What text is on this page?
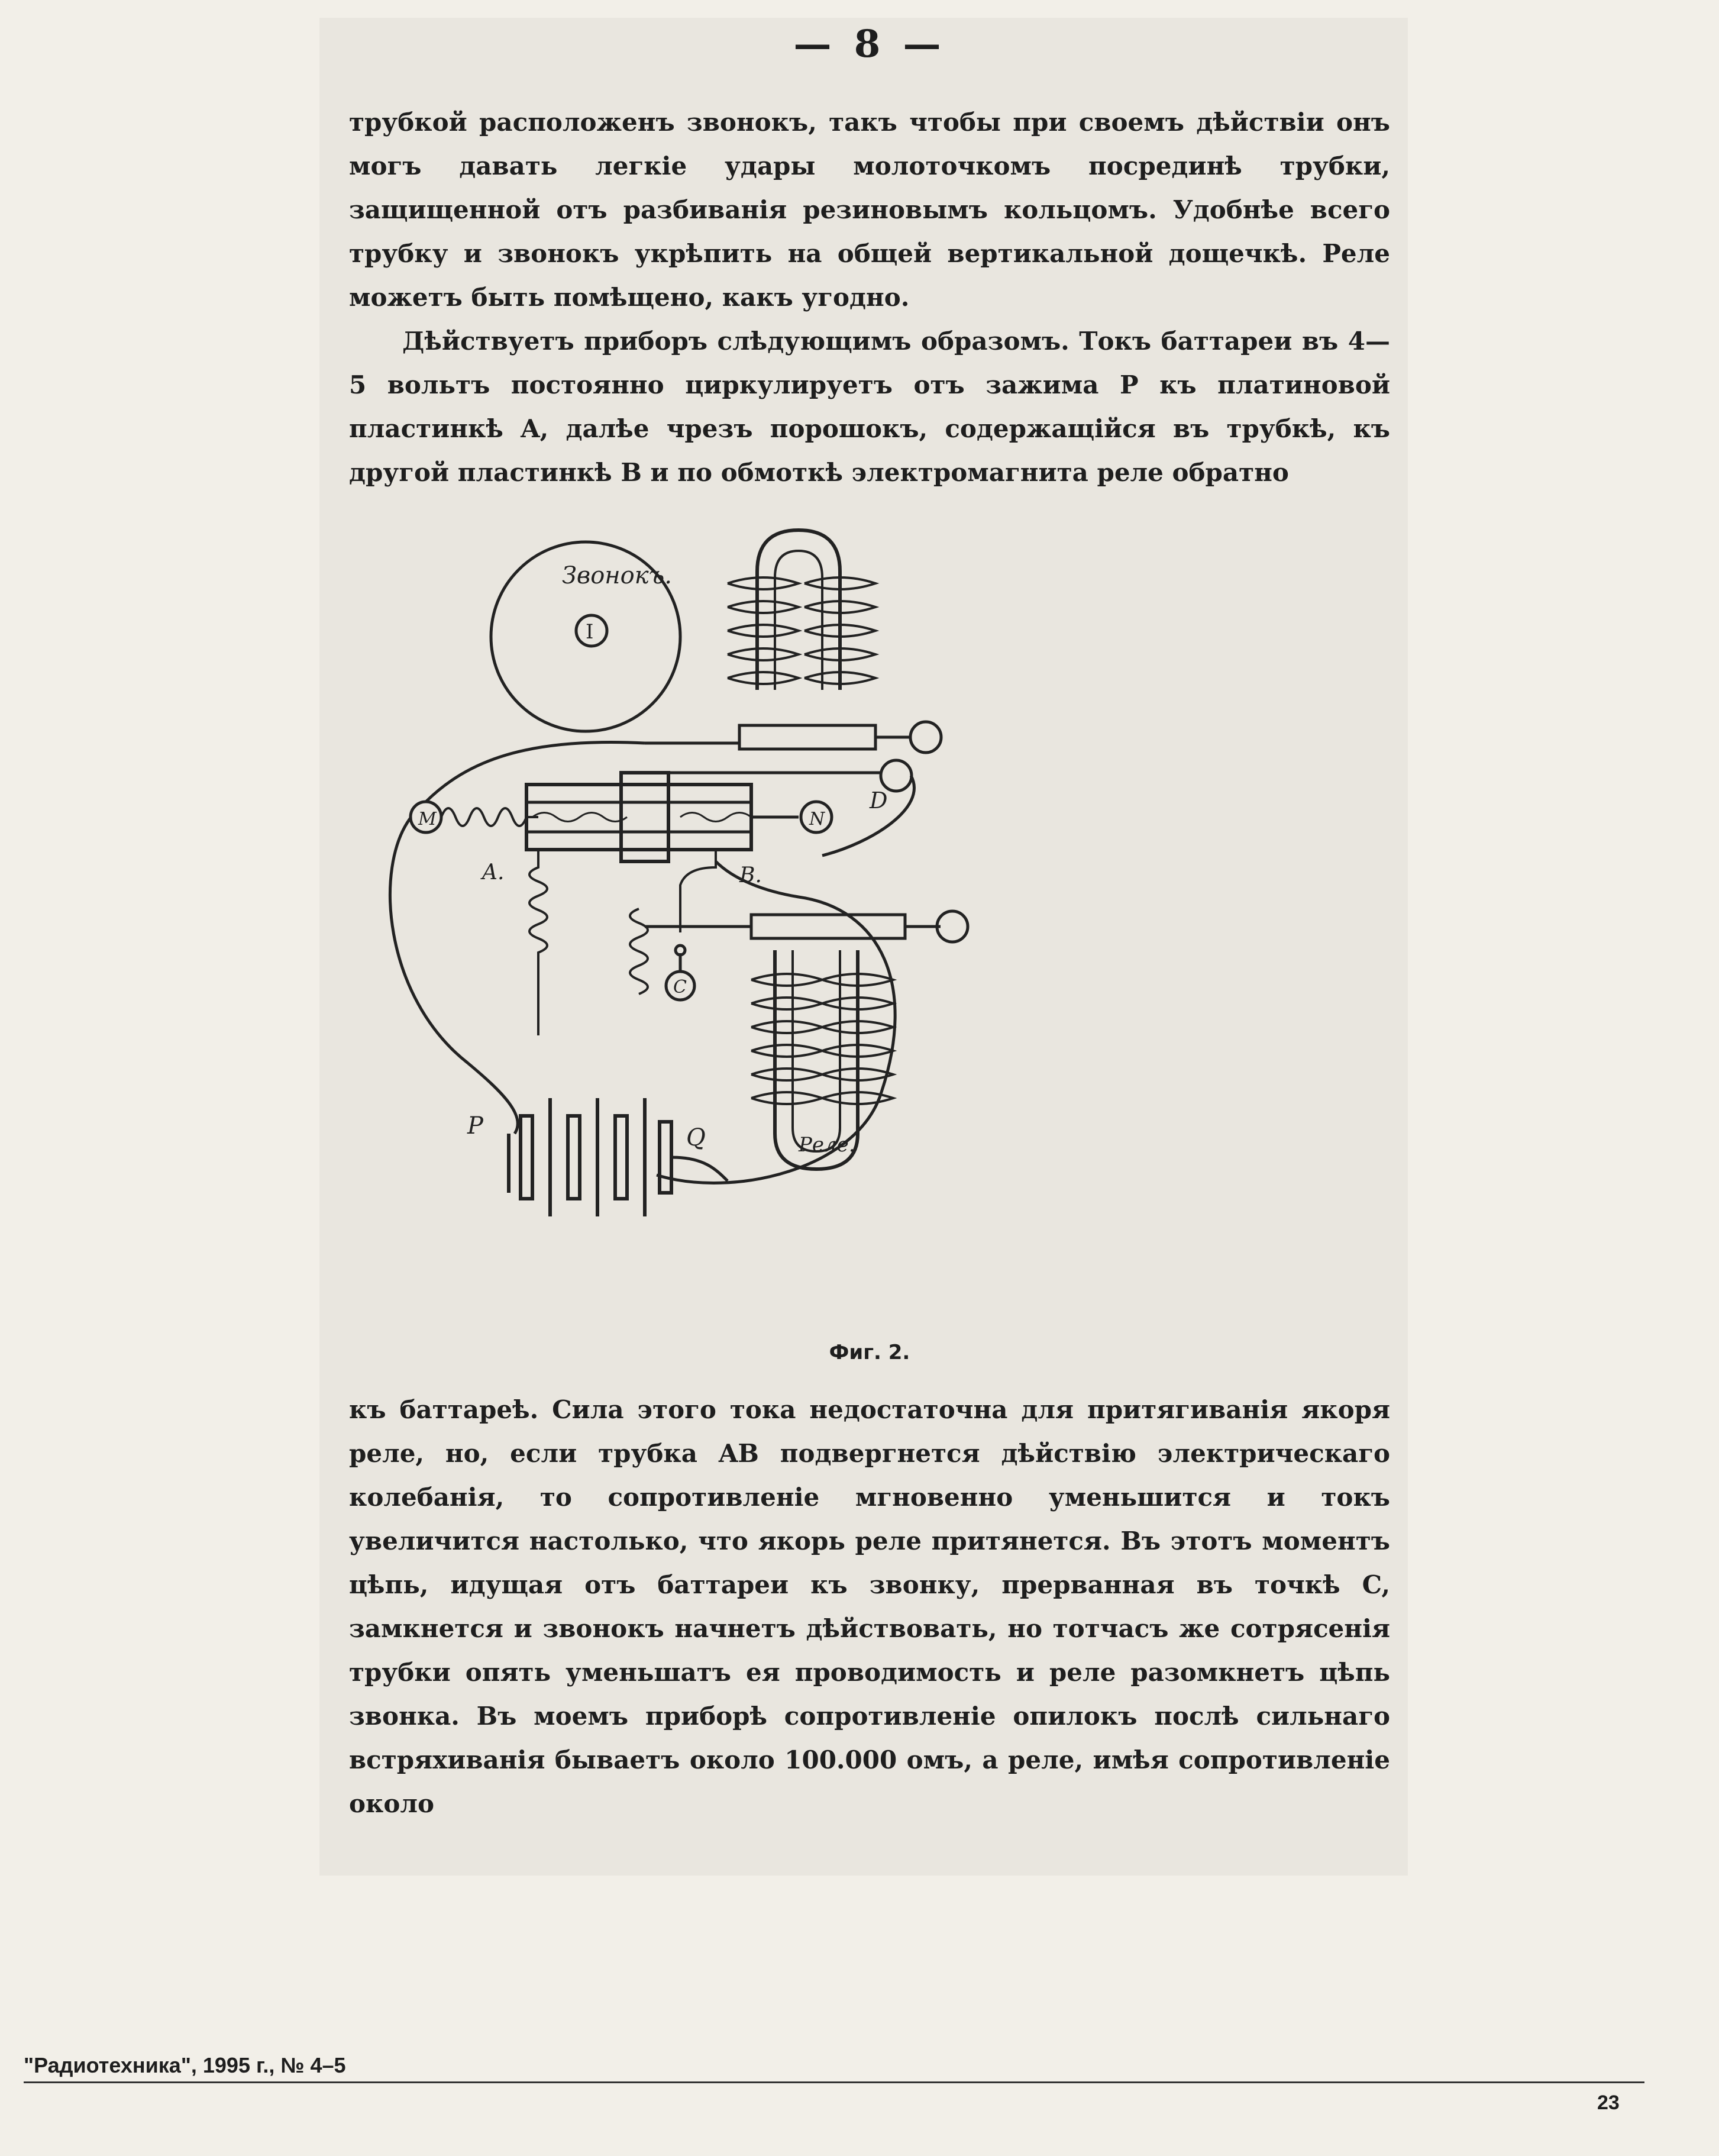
— 8 —

трубкой расположенъ звонокъ, такъ чтобы при своемъ дѣйствіи онъ могъ давать легкіе удары молоточкомъ посрединѣ трубки, защищенной отъ разбиванія резиновымъ кольцомъ. Удобнѣе всего трубку и звонокъ укрѣпить на общей вертикальной дощечкѣ. Реле можетъ быть помѣщено, какъ угодно.

Дѣйствуетъ приборъ слѣдующимъ образомъ. Токъ баттареи въ 4—5 вольтъ постоянно циркулируетъ отъ зажима P къ платиновой пластинкѣ A, далѣе чрезъ порошокъ, содержащійся въ трубкѣ, къ другой пластинкѣ B и по обмоткѣ электромагнита реле обратно

Звонокъ.
I
M	N
D
A.	B.
C
Реле.
P	Q
Фиг. 2.

къ баттареѣ. Сила этого тока недостаточна для притягиванія якоря реле, но, если трубка AB подвергнется дѣйствію электрическаго колебанія, то сопротивленіе мгновенно уменьшится и токъ увеличится настолько, что якорь реле притянется. Въ этотъ моментъ цѣпь, идущая отъ баттареи къ звонку, прерванная въ точкѣ C, замкнется и звонокъ начнетъ дѣйствовать, но тотчасъ же сотрясенія трубки опять уменьшатъ ея проводимость и реле разомкнетъ цѣпь звонка. Въ моемъ приборѣ сопротивленіе опилокъ послѣ сильнаго встряхиванія бываетъ около 100.000 омъ, а реле, имѣя сопротивленіе около

"Радиотехника", 1995 г., № 4–5
23
